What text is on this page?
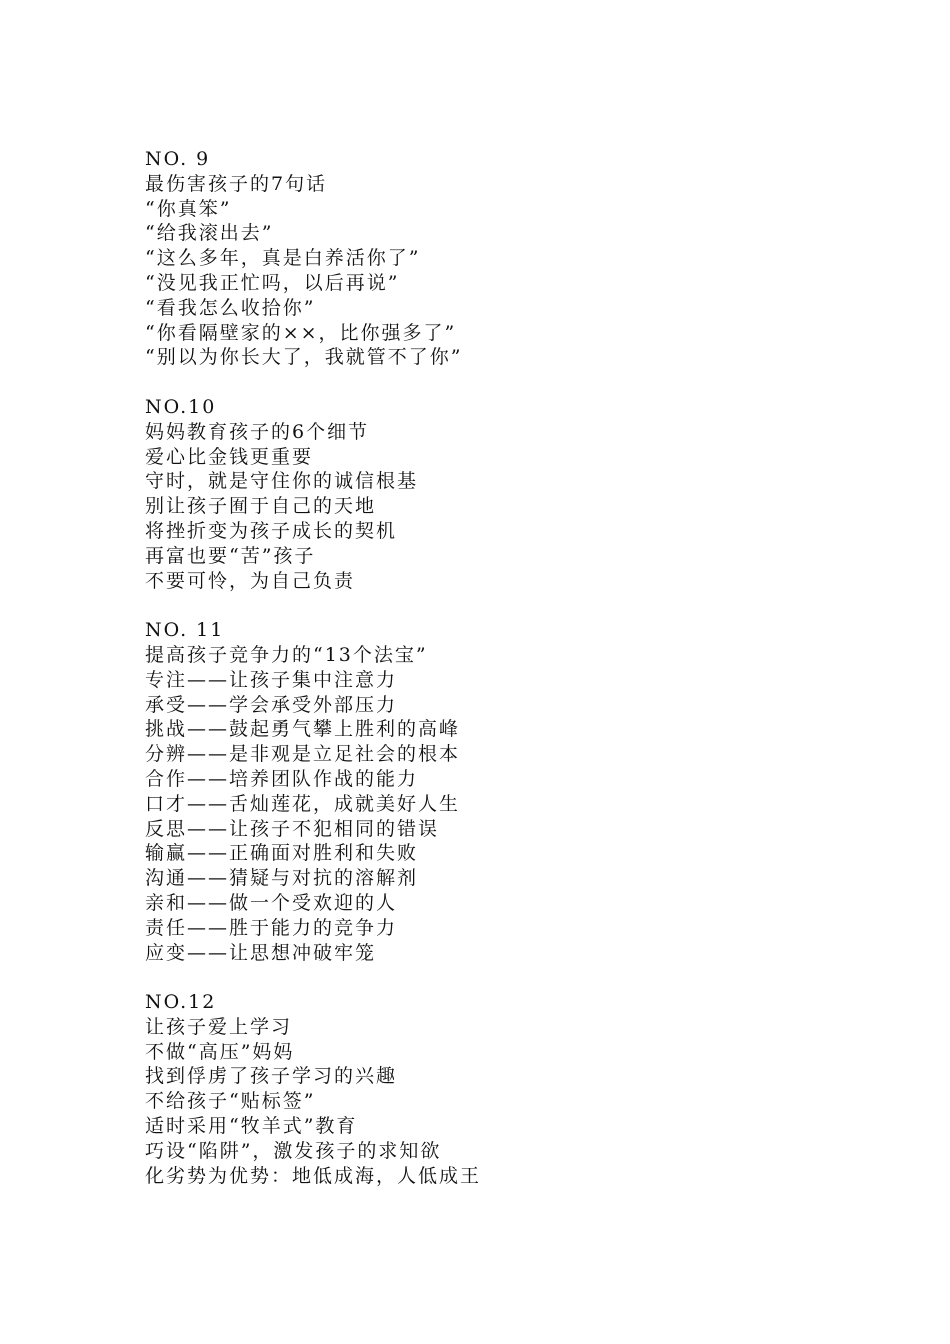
NO. 9
最伤害孩子的7句话
“你真笨”
“给我滚出去”
“这么多年，真是白养活你了”
“没见我正忙吗，以后再说”
“看我怎么收拾你”
“你看隔壁家的××，比你强多了”
“别以为你长大了，我就管不了你”
NO.10
妈妈教育孩子的6个细节
爱心比金钱更重要
守时，就是守住你的诚信根基
别让孩子囿于自己的天地
将挫折变为孩子成长的契机
再富也要“苦”孩子
不要可怜，为自己负责
NO. 11
提高孩子竞争力的“13个法宝”
专注——让孩子集中注意力
承受——学会承受外部压力
挑战——鼓起勇气攀上胜利的高峰
分辨——是非观是立足社会的根本
合作——培养团队作战的能力
口才——舌灿莲花，成就美好人生
反思——让孩子不犯相同的错误
输赢——正确面对胜利和失败
沟通——猜疑与对抗的溶解剂
亲和——做一个受欢迎的人
责任——胜于能力的竞争力
应变——让思想冲破牢笼
NO.12
让孩子爱上学习
不做“高压”妈妈
找到俘虏了孩子学习的兴趣
不给孩子“贴标签”
适时采用“牧羊式”教育
巧设“陷阱”，激发孩子的求知欲
化劣势为优势：地低成海，人低成王
